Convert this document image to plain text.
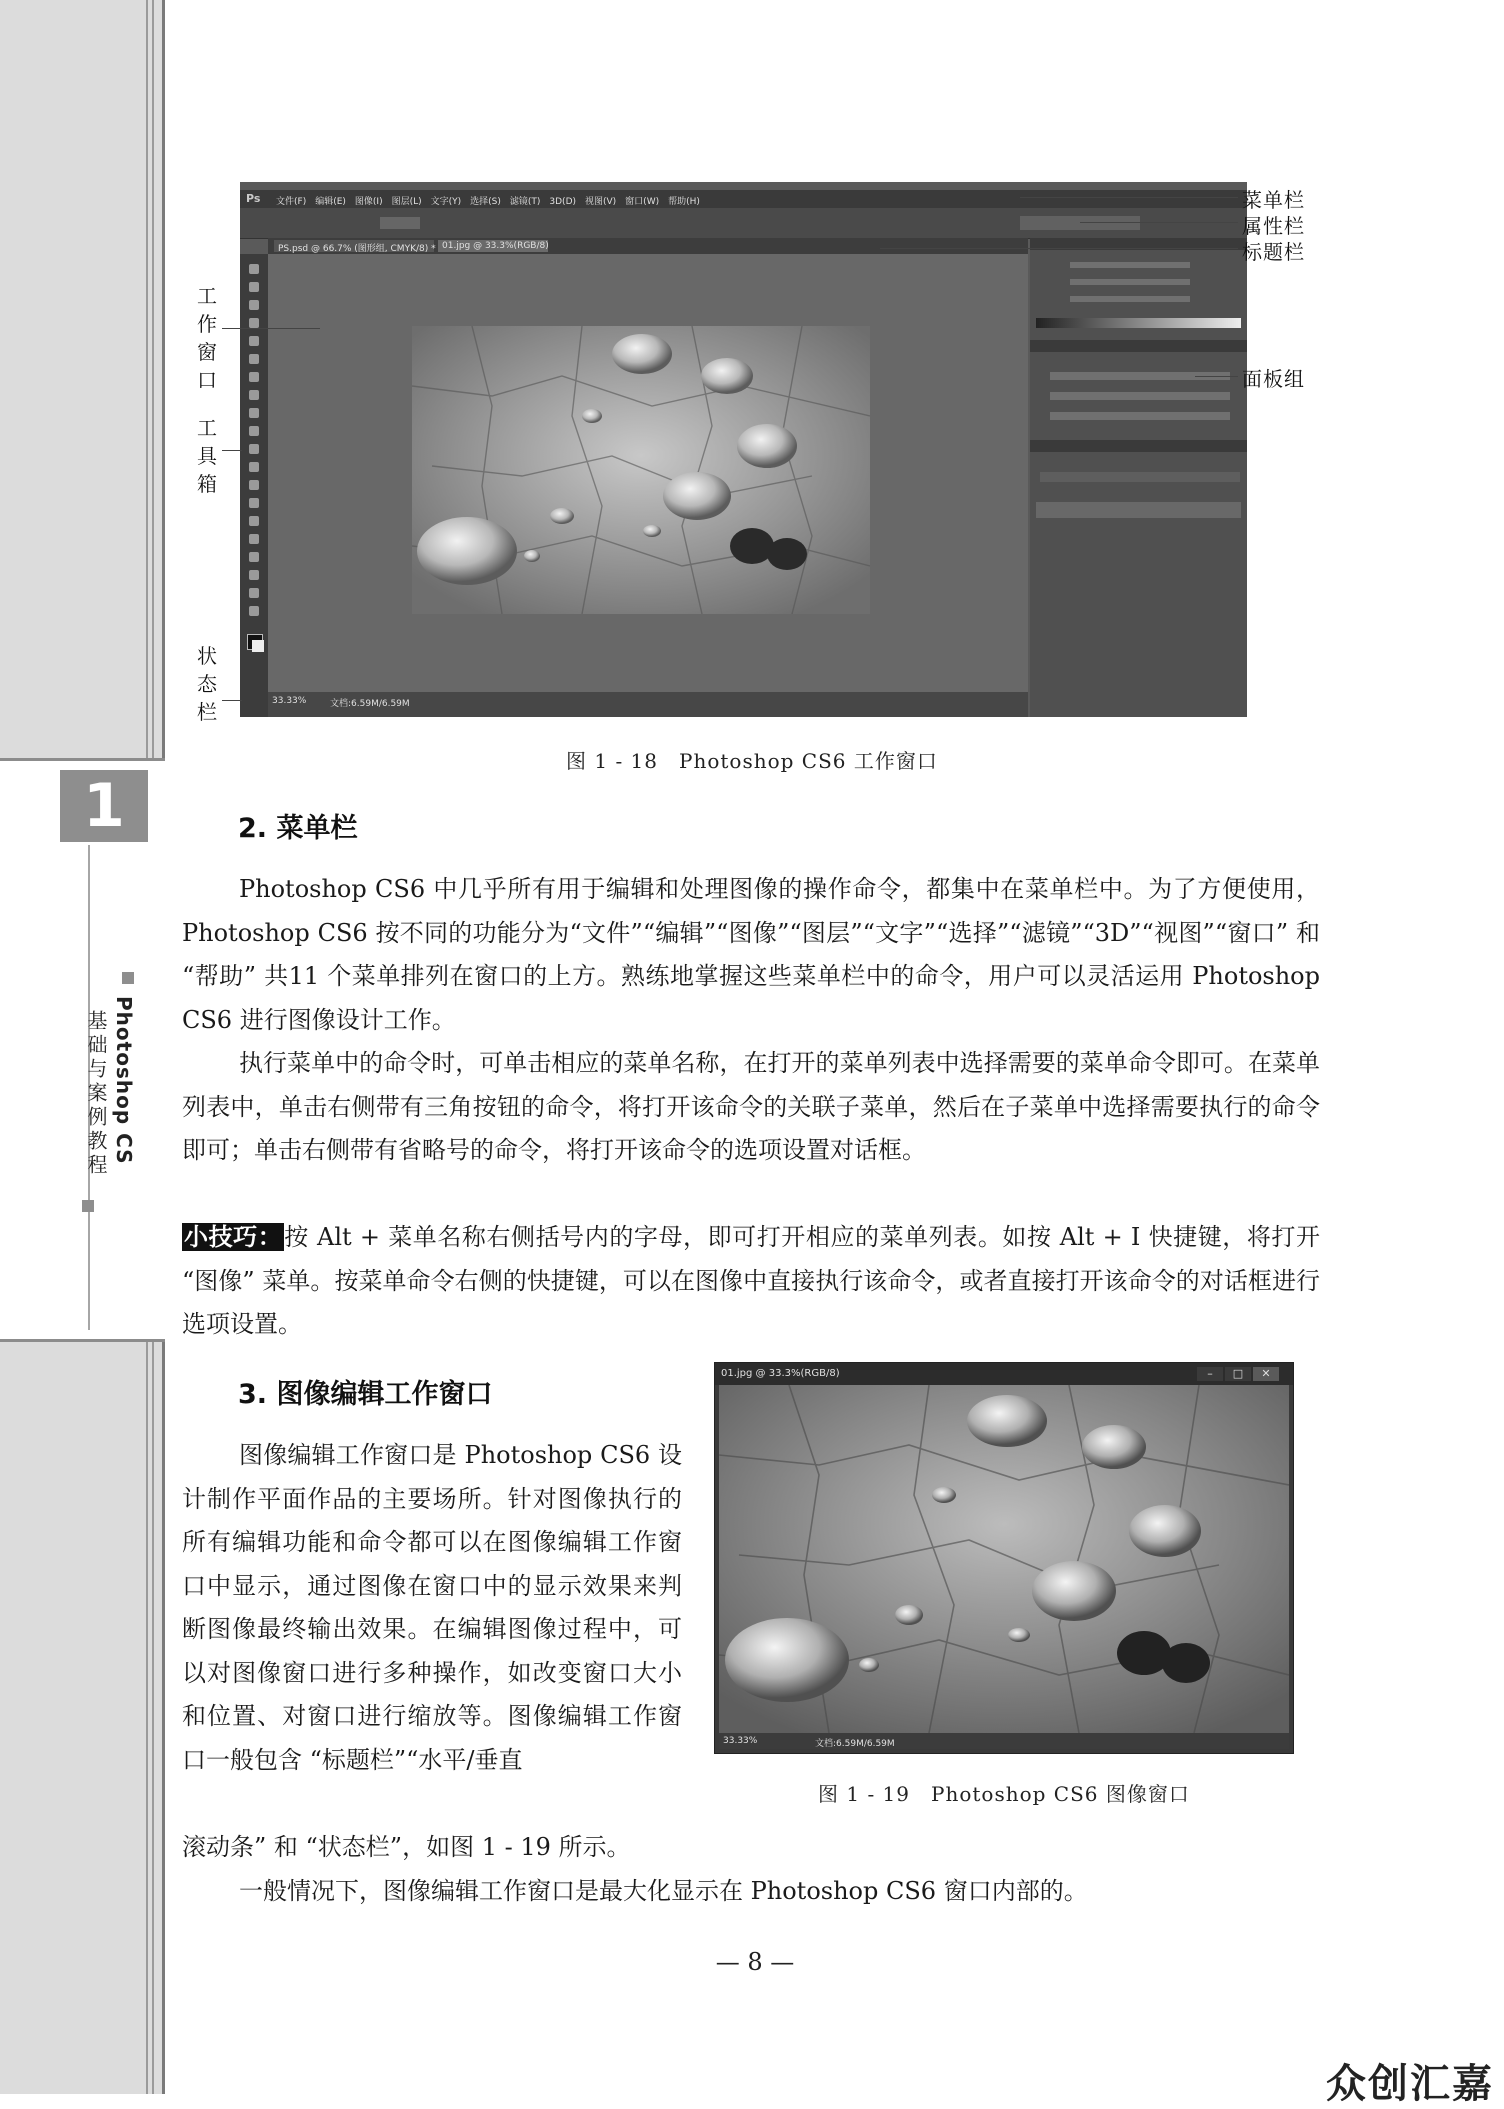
1
Photoshop CS
基础与案例教程
Ps 文件(F)　编辑(E)　图像(I)　图层(L)　文字(Y)　选择(S)　滤镜(T)　3D(D)　视图(V)　窗口(W)　帮助(H)
PS.psd @ 66.7% (图形组, CMYK/8) * 01.jpg @ 33.3%(RGB/8)
33.33%	文档:6.59M/6.59M
菜单栏
属性栏
标题栏
面板组
工作窗口
工具箱
状态栏
图 1 - 18　Photoshop CS6 工作窗口
2. 菜单栏
Photoshop CS6 中几乎所有用于编辑和处理图像的操作命令，都集中在菜单栏中。为了方便使用，Photoshop CS6 按不同的功能分为“文件”“编辑”“图像”“图层”“文字”“选择”“滤镜”“3D”“视图”“窗口” 和 “帮助” 共11 个菜单排列在窗口的上方。熟练地掌握这些菜单栏中的命令，用户可以灵活运用 Photoshop CS6 进行图像设计工作。
执行菜单中的命令时，可单击相应的菜单名称，在打开的菜单列表中选择需要的菜单命令即可。在菜单列表中，单击右侧带有三角按钮的命令，将打开该命令的关联子菜单，然后在子菜单中选择需要执行的命令即可；单击右侧带有省略号的命令，将打开该命令的选项设置对话框。
小技巧：按 Alt + 菜单名称右侧括号内的字母，即可打开相应的菜单列表。如按 Alt + I 快捷键，将打开 “图像” 菜单。按菜单命令右侧的快捷键，可以在图像中直接执行该命令，或者直接打开该命令的对话框进行选项设置。
3. 图像编辑工作窗口
图像编辑工作窗口是 Photoshop CS6 设计制作平面作品的主要场所。针对图像执行的所有编辑功能和命令都可以在图像编辑工作窗口中显示，通过图像在窗口中的显示效果来判断图像最终输出效果。在编辑图像过程中，可以对图像窗口进行多种操作，如改变窗口大小和位置、对窗口进行缩放等。图像编辑工作窗口一般包含 “标题栏”“水平/垂直
滚动条” 和 “状态栏”，如图 1 - 19 所示。
一般情况下，图像编辑工作窗口是最大化显示在 Photoshop CS6 窗口内部的。
01.jpg @ 33.3%(RGB/8)	–	□	✕
33.33%	文档:6.59M/6.59M
图 1 - 19　Photoshop CS6 图像窗口
— 8 —
众创汇嘉
